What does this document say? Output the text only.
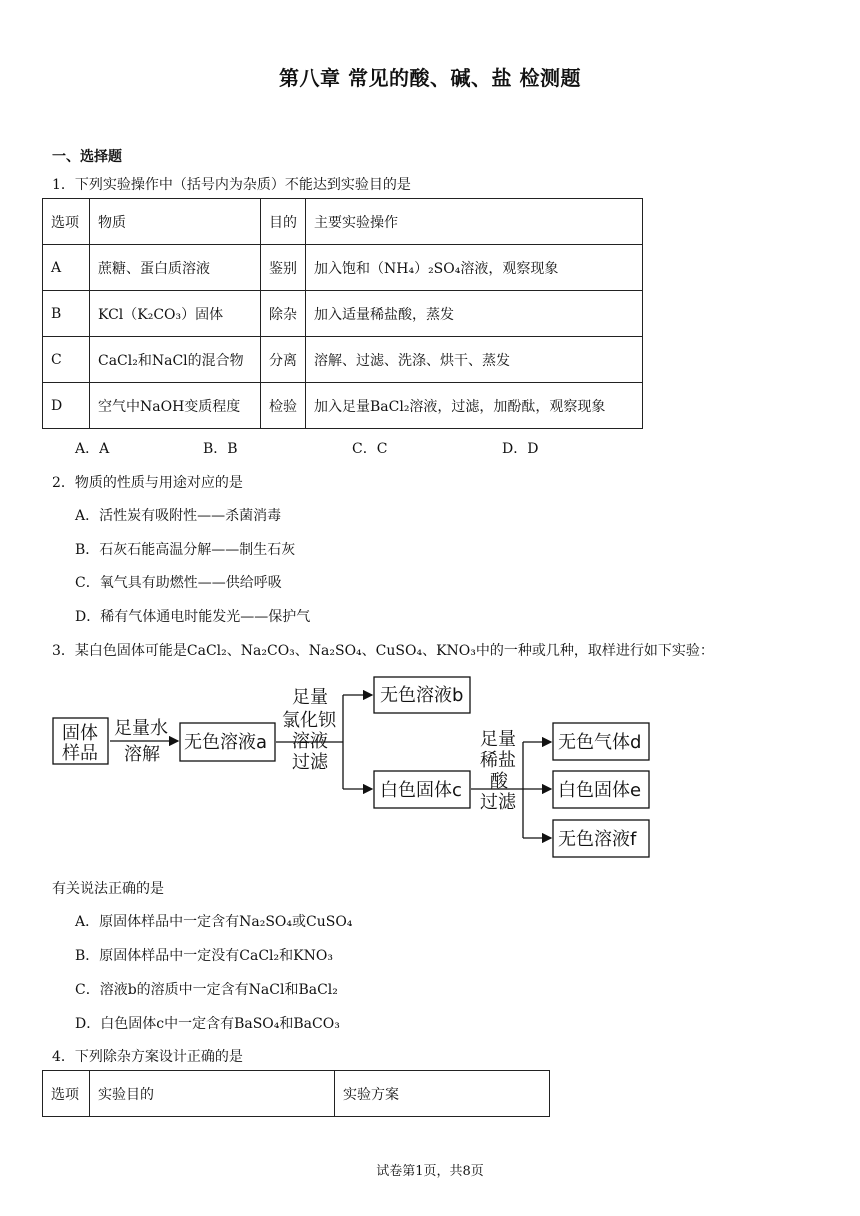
第八章 常见的酸、碱、盐 检测题
一、选择题
1．下列实验操作中（括号内为杂质）不能达到实验目的是
选项	物质	目的	主要实验操作
A	蔗糖、蛋白质溶液	鉴别	加入饱和（NH₄）₂SO₄溶液，观察现象
B	KCl（K₂CO₃）固体	除杂	加入适量稀盐酸，蒸发
C	CaCl₂和NaCl的混合物	分离	溶解、过滤、洗涤、烘干、蒸发
D	空气中NaOH变质程度	检验	加入足量BaCl₂溶液，过滤，加酚酞，观察现象
A．A	B．B	C．C	D．D
2．物质的性质与用途对应的是
A．活性炭有吸附性——杀菌消毒
B．石灰石能高温分解——制生石灰
C．氧气具有助燃性——供给呼吸
D．稀有气体通电时能发光——保护气
3．某白色固体可能是CaCl₂、Na₂CO₃、Na₂SO₄、CuSO₄、KNO₃中的一种或几种，取样进行如下实验：
固体
样品
足量水
溶解
无色溶液a
足量
氯化钡
无色溶液b
白色固体c
足量
稀盐
酸
过滤
无色气体d
白色固体e
无色溶液f
溶液
过滤
有关说法正确的是
A．原固体样品中一定含有Na₂SO₄或CuSO₄
B．原固体样品中一定没有CaCl₂和KNO₃
C．溶液b的溶质中一定含有NaCl和BaCl₂
D．白色固体c中一定含有BaSO₄和BaCO₃
4．下列除杂方案设计正确的是
选项	实验目的	实验方案
试卷第1页，共8页
